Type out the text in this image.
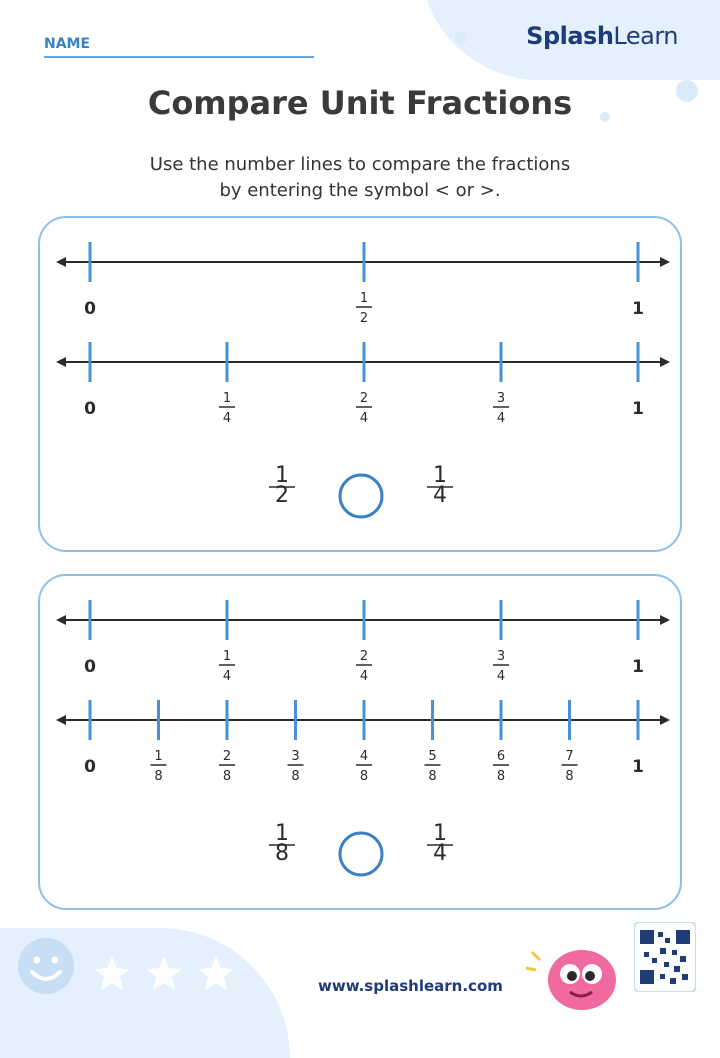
SplashLearn
NAME
Compare Unit Fractions
Use the number lines to compare the fractions
by entering the symbol < or >.
0
1
2	1
0
1
4
2
4
3
4	1
1
2
1
4
0
1
4
2
4
3
4	1
0
1
8
2
8
3
8
4
8
5
8
6
8
7
8	1
1
8
1
4
www.splashlearn.com
